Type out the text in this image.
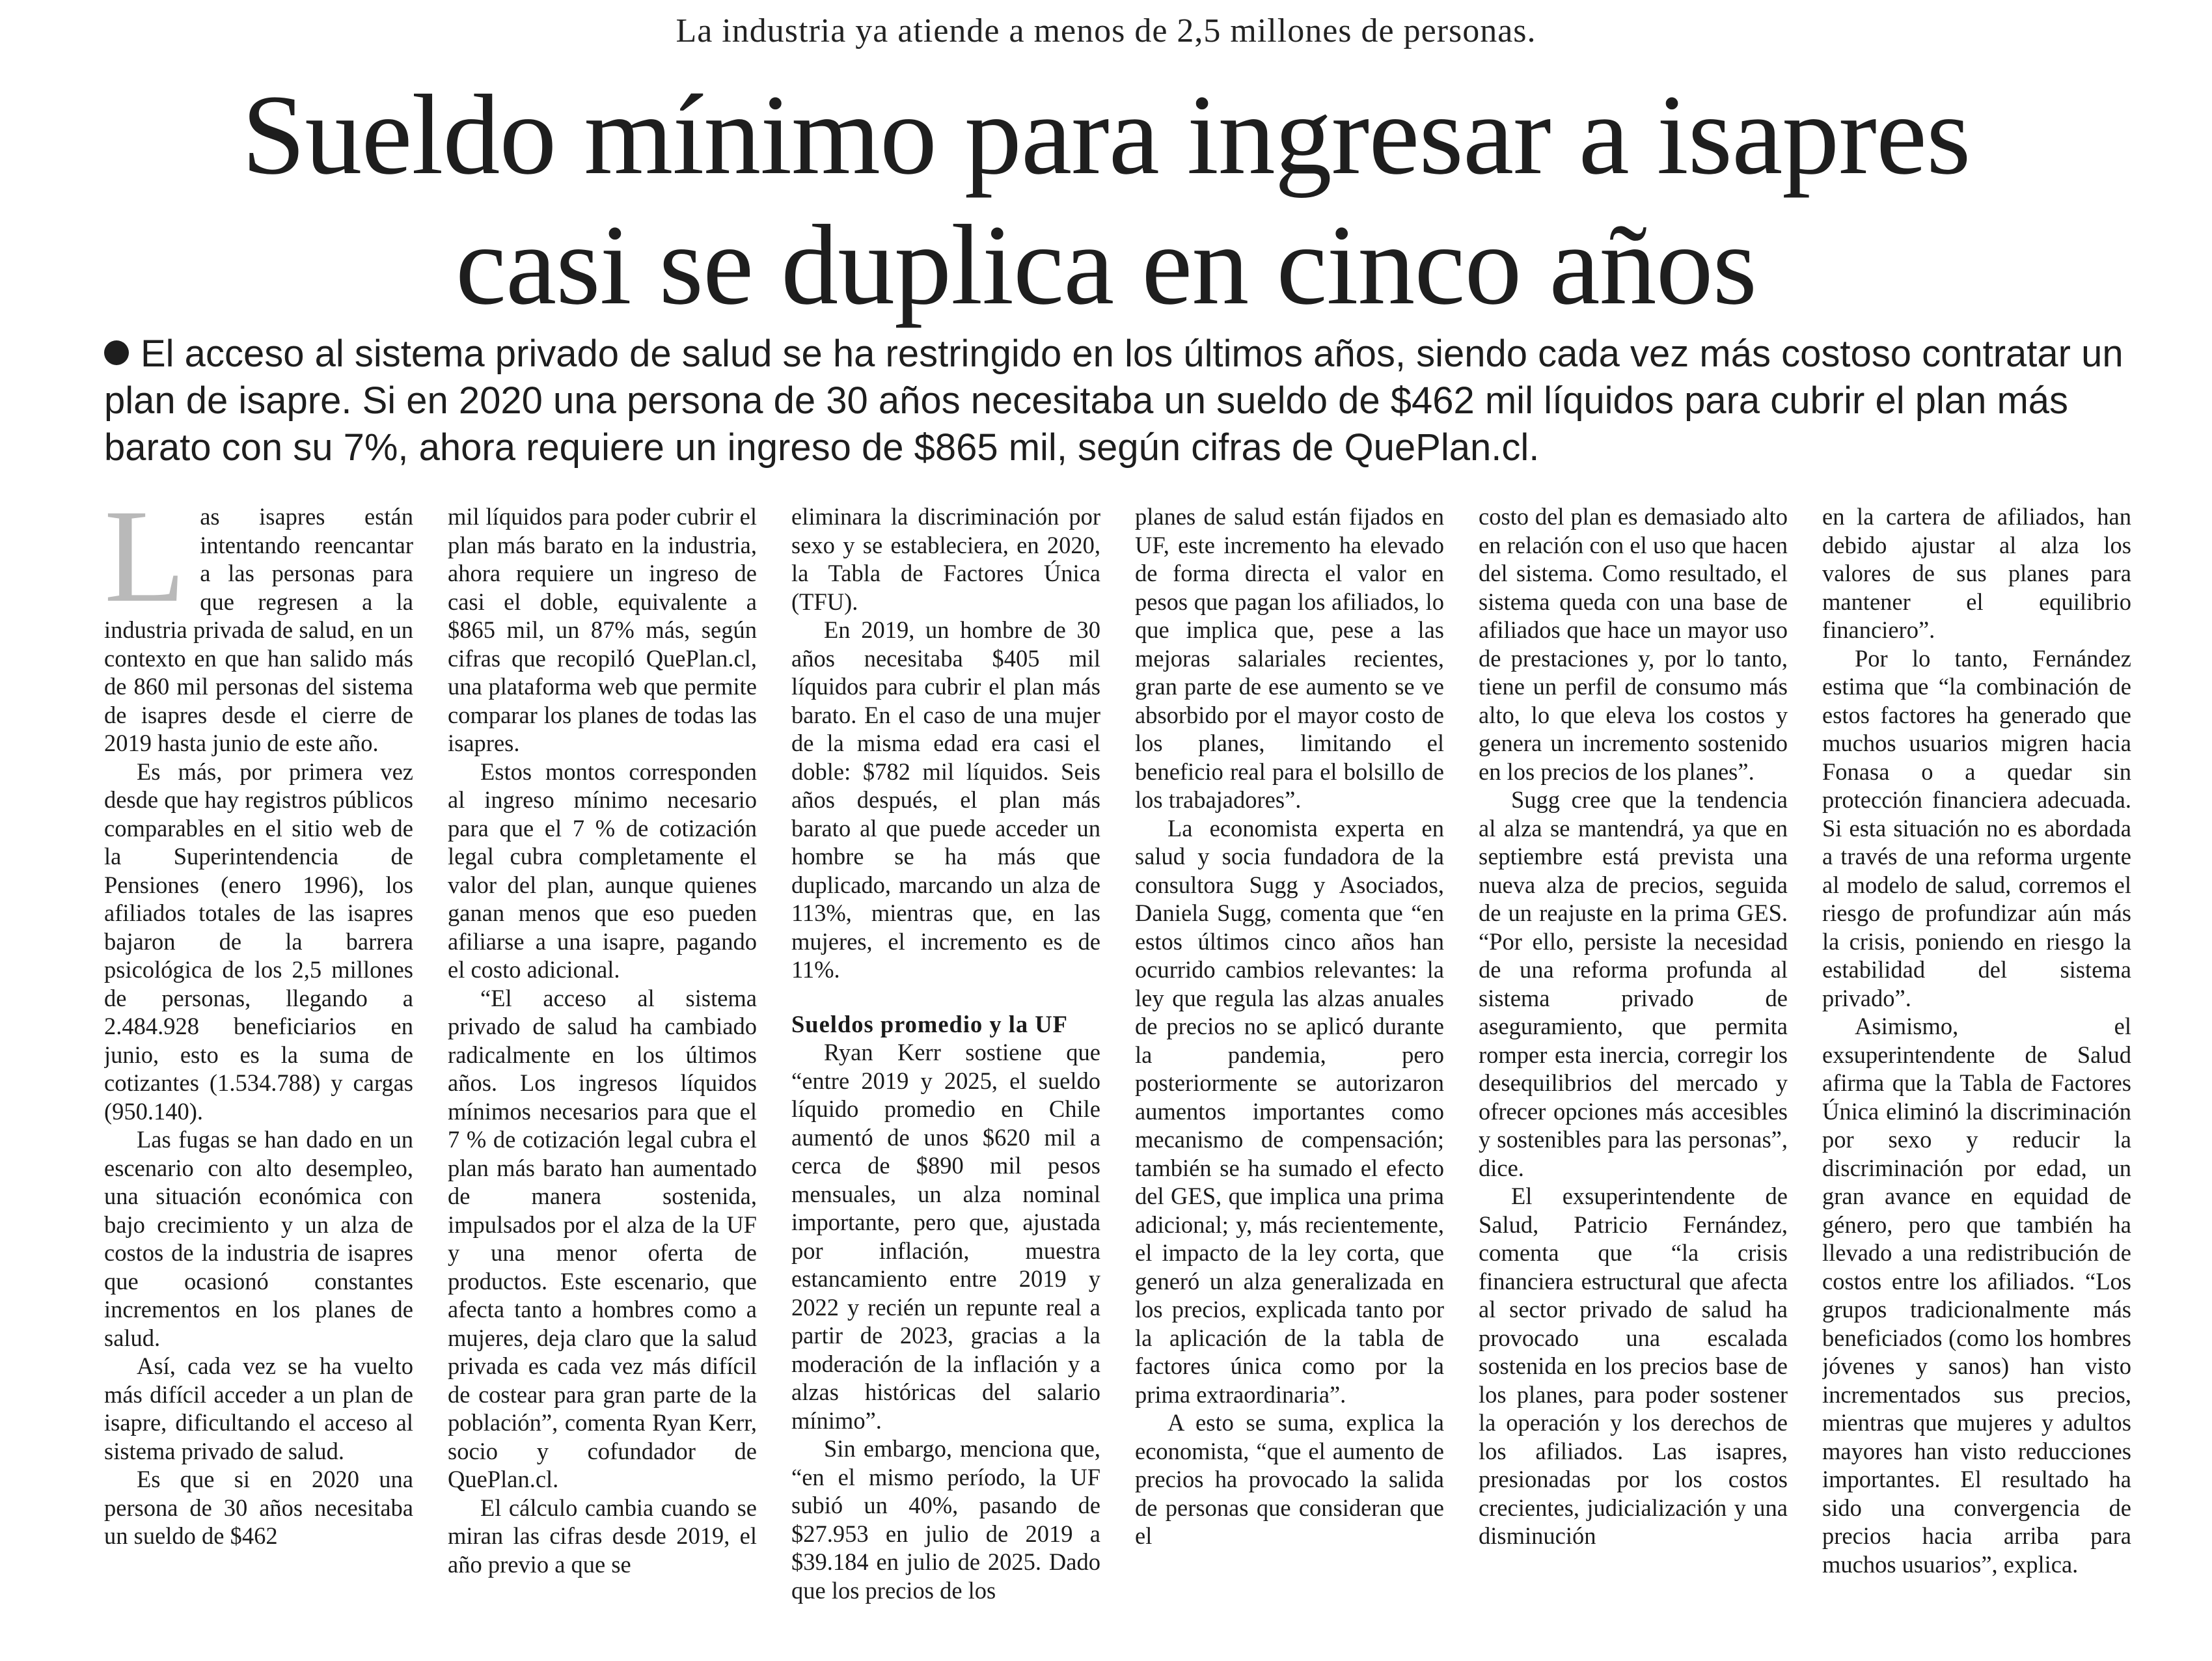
La industria ya atiende a menos de 2,5 millones de personas.
Sueldo mínimo para ingresar a isapres
casi se duplica en cinco años

El acceso al sistema privado de salud se ha restringido en los últimos años, siendo cada vez más costoso contratar un plan de isapre. Si en 2020 una persona de 30 años necesitaba un sueldo de $462 mil líquidos para cubrir el plan más barato con su 7%, ahora requiere un ingreso de $865 mil, según cifras de QuePlan.cl.

Las isapres están intentando reencantar a las personas para que regresen a la industria privada de salud, en un contexto en que han salido más de 860 mil personas del sistema de isapres desde el cierre de 2019 hasta junio de este año.

Es más, por primera vez desde que hay registros públicos comparables en el sitio web de la Superintendencia de Pensiones (enero 1996), los afiliados totales de las isapres bajaron de la barrera psicológica de los 2,5 millones de personas, llegando a 2.484.928 beneficiarios en junio, esto es la suma de cotizantes (1.534.788) y cargas (950.140).

Las fugas se han dado en un escenario con alto desempleo, una situación económica con bajo crecimiento y un alza de costos de la industria de isapres que ocasionó constantes incrementos en los planes de salud.

Así, cada vez se ha vuelto más difícil acceder a un plan de isapre, dificultando el acceso al sistema privado de salud.

Es que si en 2020 una persona de 30 años necesitaba un sueldo de $462

mil líquidos para poder cubrir el plan más barato en la industria, ahora requiere un ingreso de casi el doble, equivalente a $865 mil, un 87% más, según cifras que recopiló QuePlan.cl, una plataforma web que permite comparar los planes de todas las isapres.

Estos montos corresponden al ingreso mínimo necesario para que el 7 % de cotización legal cubra completamente el valor del plan, aunque quienes ganan menos que eso pueden afiliarse a una isapre, pagando el costo adicional.

“El acceso al sistema privado de salud ha cambiado radicalmente en los últimos años. Los ingresos líquidos mínimos necesarios para que el 7 % de cotización legal cubra el plan más barato han aumentado de manera sostenida, impulsados por el alza de la UF y una menor oferta de productos. Este escenario, que afecta tanto a hombres como a mujeres, deja claro que la salud privada es cada vez más difícil de costear para gran parte de la población”, comenta Ryan Kerr, socio y cofundador de QuePlan.cl.

El cálculo cambia cuando se miran las cifras desde 2019, el año previo a que se

eliminara la discriminación por sexo y se estableciera, en 2020, la Tabla de Factores Única (TFU).

En 2019, un hombre de 30 años necesitaba $405 mil líquidos para cubrir el plan más barato. En el caso de una mujer de la misma edad era casi el doble: $782 mil líquidos. Seis años después, el plan más barato al que puede acceder un hombre se ha más que duplicado, marcando un alza de 113%, mientras que, en las mujeres, el incremento es de 11%.

Sueldos promedio y la UF

Ryan Kerr sostiene que “entre 2019 y 2025, el sueldo líquido promedio en Chile aumentó de unos $620 mil a cerca de $890 mil pesos mensuales, un alza nominal importante, pero que, ajustada por inflación, muestra estancamiento entre 2019 y 2022 y recién un repunte real a partir de 2023, gracias a la moderación de la inflación y a alzas históricas del salario mínimo”.

Sin embargo, menciona que, “en el mismo período, la UF subió un 40%, pasando de $27.953 en julio de 2019 a $39.184 en julio de 2025. Dado que los precios de los

planes de salud están fijados en UF, este incremento ha elevado de forma directa el valor en pesos que pagan los afiliados, lo que implica que, pese a las mejoras salariales recientes, gran parte de ese aumento se ve absorbido por el mayor costo de los planes, limitando el beneficio real para el bolsillo de los trabajadores”.

La economista experta en salud y socia fundadora de la consultora Sugg y Asociados, Daniela Sugg, comenta que “en estos últimos cinco años han ocurrido cambios relevantes: la ley que regula las alzas anuales de precios no se aplicó durante la pandemia, pero posteriormente se autorizaron aumentos importantes como mecanismo de compensación; también se ha sumado el efecto del GES, que implica una prima adicional; y, más recientemente, el impacto de la ley corta, que generó un alza generalizada en los precios, explicada tanto por la aplicación de la tabla de factores única como por la prima extraordinaria”.

A esto se suma, explica la economista, “que el aumento de precios ha provocado la salida de personas que consideran que el

costo del plan es demasiado alto en relación con el uso que hacen del sistema. Como resultado, el sistema queda con una base de afiliados que hace un mayor uso de prestaciones y, por lo tanto, tiene un perfil de consumo más alto, lo que eleva los costos y genera un incremento sostenido en los precios de los planes”.

Sugg cree que la tendencia al alza se mantendrá, ya que en septiembre está prevista una nueva alza de precios, seguida de un reajuste en la prima GES. “Por ello, persiste la necesidad de una reforma profunda al sistema privado de aseguramiento, que permita romper esta inercia, corregir los desequilibrios del mercado y ofrecer opciones más accesibles y sostenibles para las personas”, dice.

El exsuperintendente de Salud, Patricio Fernández, comenta que “la crisis financiera estructural que afecta al sector privado de salud ha provocado una escalada sostenida en los precios base de los planes, para poder sostener la operación y los derechos de los afiliados. Las isapres, presionadas por los costos crecientes, judicialización y una disminución

en la cartera de afiliados, han debido ajustar al alza los valores de sus planes para mantener el equilibrio financiero”.

Por lo tanto, Fernández estima que “la combinación de estos factores ha generado que muchos usuarios migren hacia Fonasa o a quedar sin protección financiera adecuada. Si esta situación no es abordada a través de una reforma urgente al modelo de salud, corremos el riesgo de profundizar aún más la crisis, poniendo en riesgo la estabilidad del sistema privado”.

Asimismo, el exsuperintendente de Salud afirma que la Tabla de Factores Única eliminó la discriminación por sexo y reducir la discriminación por edad, un gran avance en equidad de género, pero que también ha llevado a una redistribución de costos entre los afiliados. “Los grupos tradicionalmente más beneficiados (como los hombres jóvenes y sanos) han visto incrementados sus precios, mientras que mujeres y adultos mayores han visto reducciones importantes. El resultado ha sido una convergencia de precios hacia arriba para muchos usuarios”, explica.
